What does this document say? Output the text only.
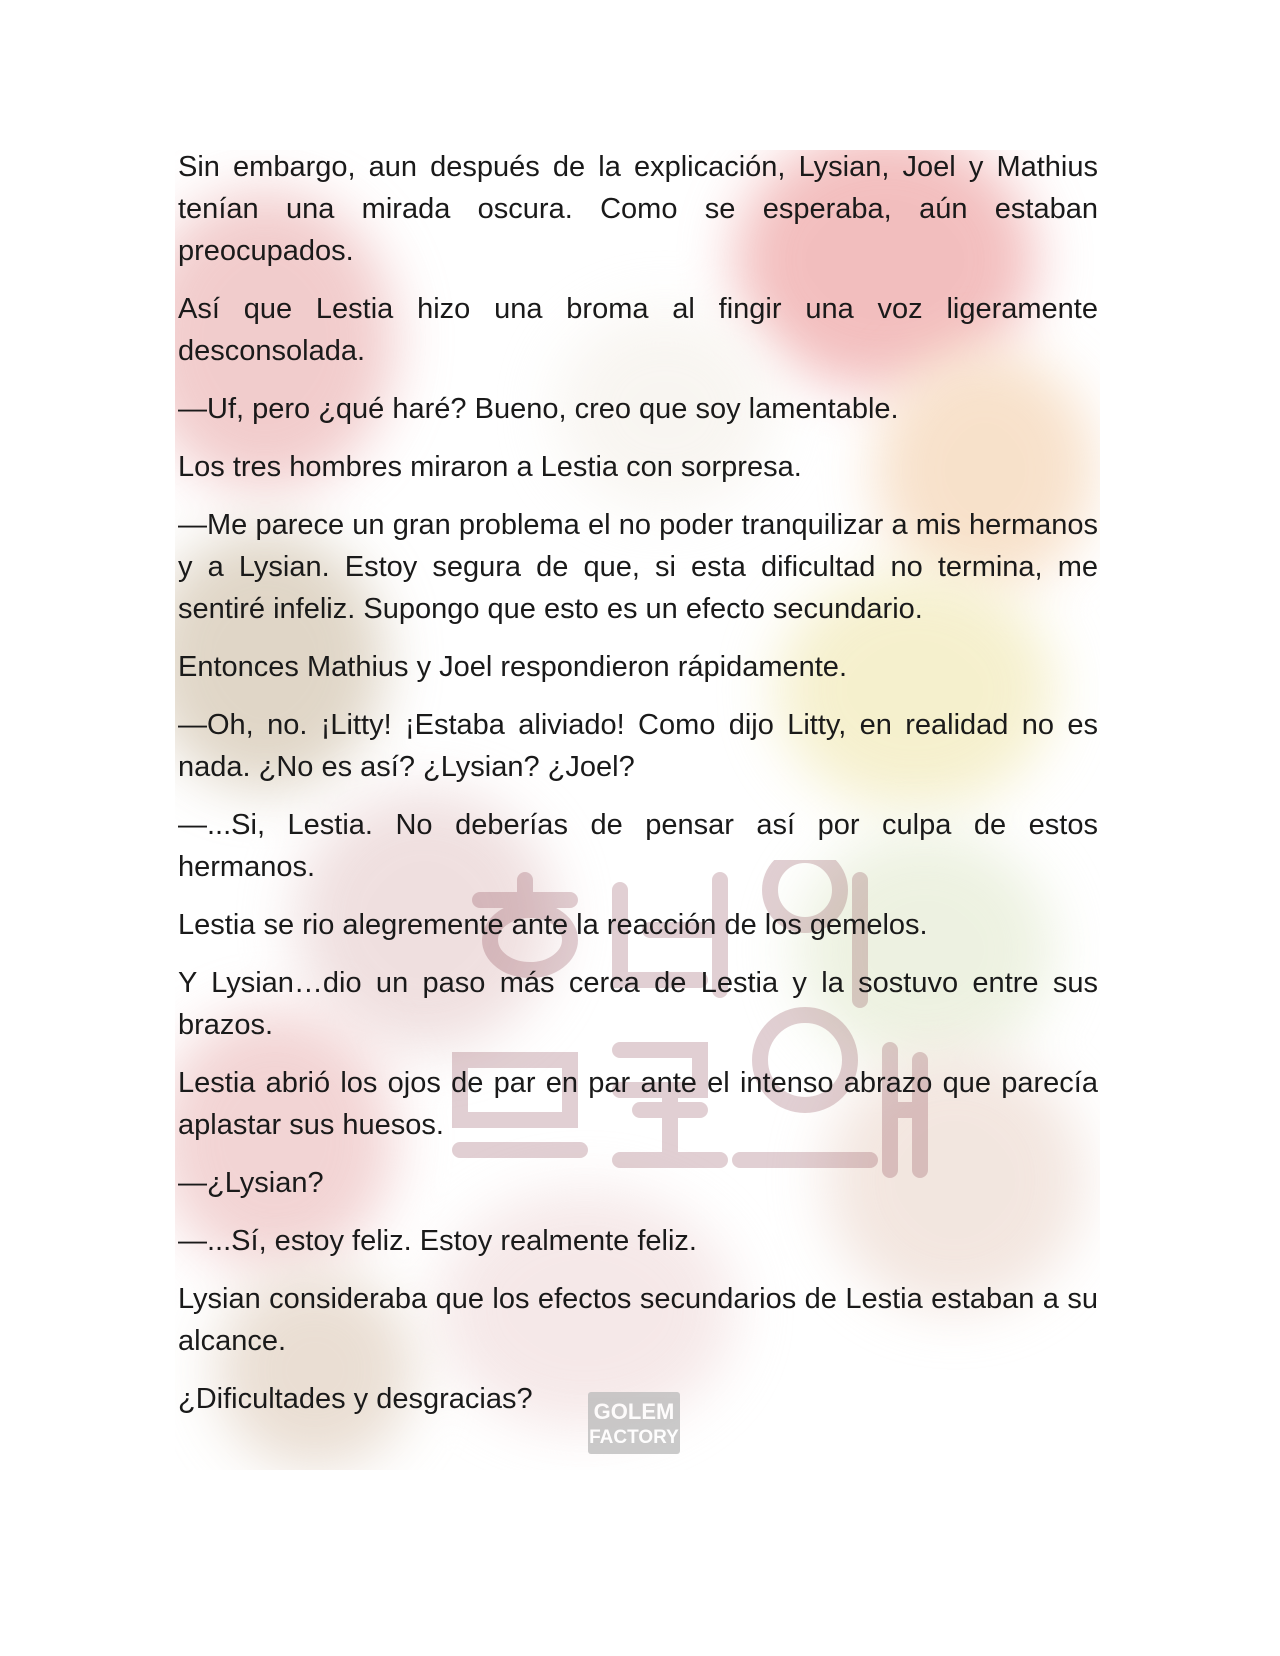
GOLEM
FACTORY

Sin embargo, aun después de la explicación, Lysian, Joel y Mathius tenían una mirada oscura. Como se esperaba, aún estaban preocupados.

Así que Lestia hizo una broma al fingir una voz ligeramente desconsolada.

—Uf, pero ¿qué haré? Bueno, creo que soy lamentable.

Los tres hombres miraron a Lestia con sorpresa.

—Me parece un gran problema el no poder tranquilizar a mis hermanos y a Lysian. Estoy segura de que, si esta dificultad no termina, me sentiré infeliz. Supongo que esto es un efecto secundario.

Entonces Mathius y Joel respondieron rápidamente.

—Oh, no. ¡Litty! ¡Estaba aliviado! Como dijo Litty, en realidad no es nada. ¿No es así? ¿Lysian? ¿Joel?

—...Si, Lestia. No deberías de pensar así por culpa de estos hermanos.

Lestia se rio alegremente ante la reacción de los gemelos.

Y Lysian…dio un paso más cerca de Lestia y la sostuvo entre sus brazos.

Lestia abrió los ojos de par en par ante el intenso abrazo que parecía aplastar sus huesos.

—¿Lysian?

—...Sí, estoy feliz. Estoy realmente feliz.

Lysian consideraba que los efectos secundarios de Lestia estaban a su alcance.

¿Dificultades y desgracias?
